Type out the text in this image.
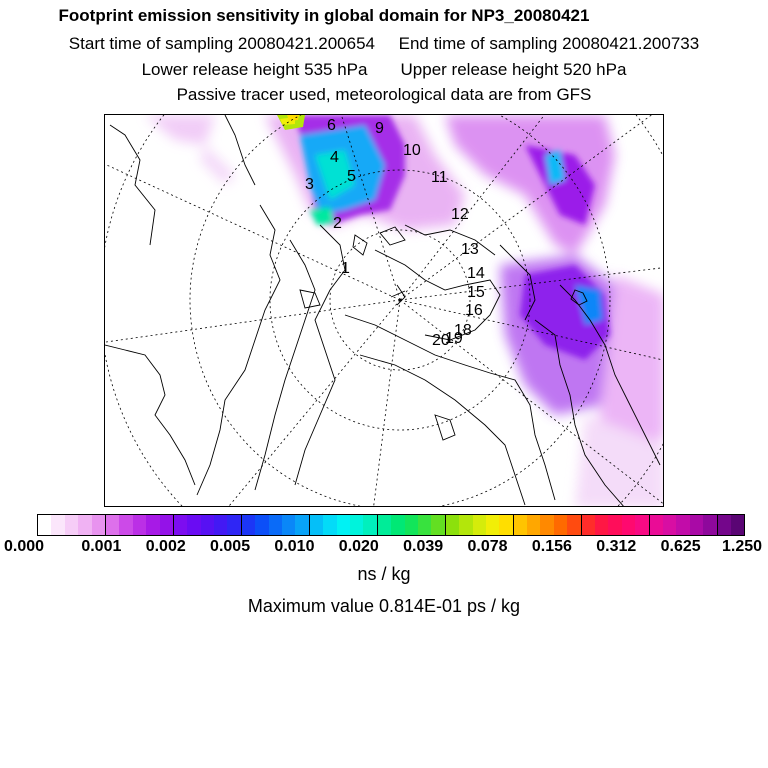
Footprint emission sensitivity in global domain for NP3_20080421
Start time of sampling 20080421.200654 End time of sampling 20080421.200733
Lower release height 535 hPa Upper release height 520 hPa
Passive tracer used, meteorological data are from GFS
1
2
3
4
5
6 9
10
11
12
13
14
15
16
18
19
20
0.000 0.001 0.002 0.005 0.010 0.020 0.039 0.078 0.156 0.312 0.625 1.250
ns / kg
Maximum value 0.814E-01 ps / kg
